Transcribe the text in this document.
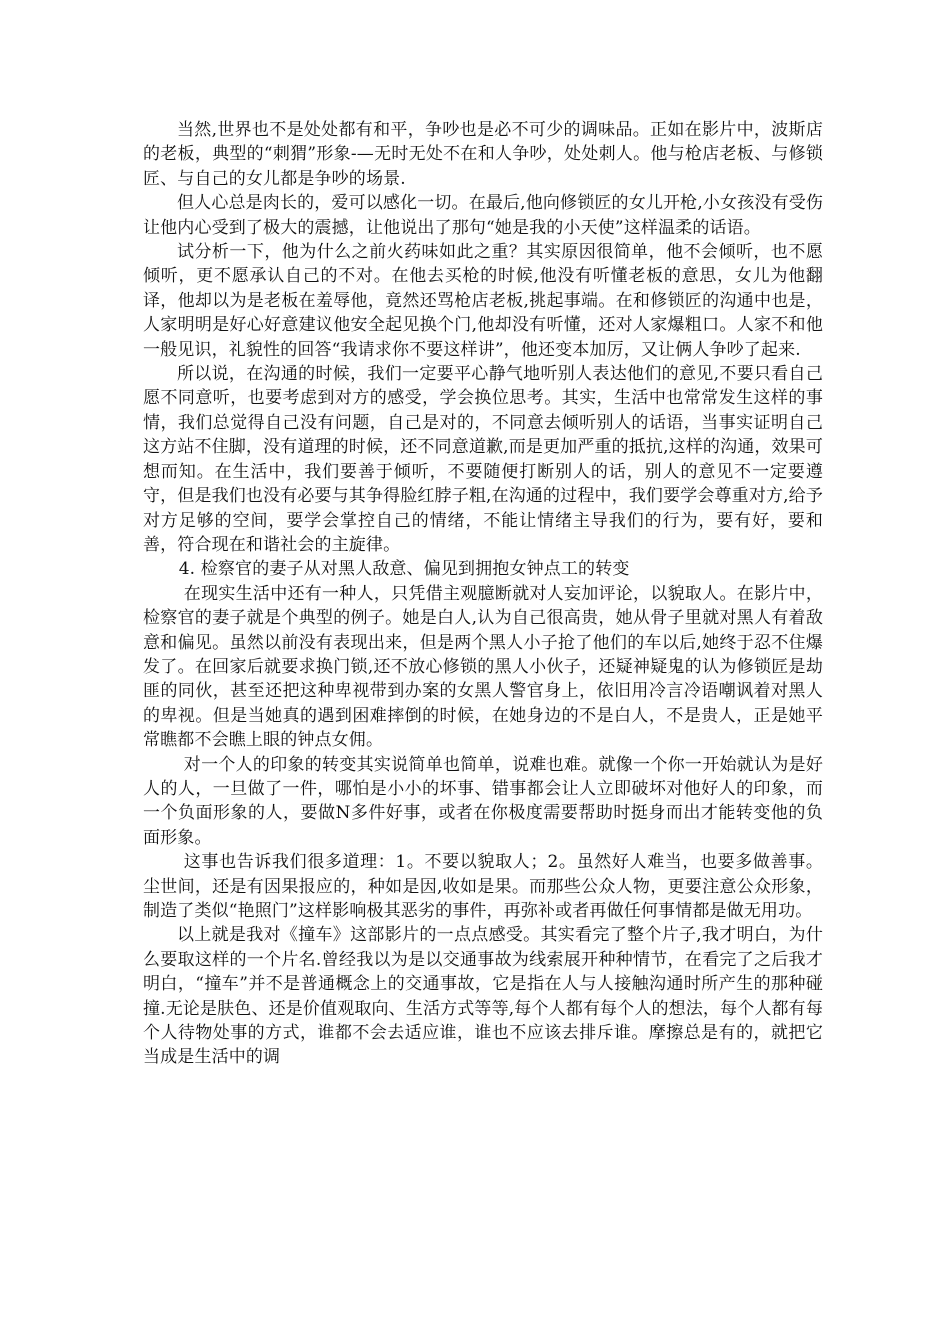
当然,世界也不是处处都有和平，争吵也是必不可少的调味品。正如在影片中，波斯店的老板，典型的“刺猬”形象-—无时无处不在和人争吵，处处刺人。他与枪店老板、与修锁匠、与自己的女儿都是争吵的场景.

但人心总是肉长的，爱可以感化一切。在最后,他向修锁匠的女儿开枪,小女孩没有受伤让他内心受到了极大的震撼，让他说出了那句“她是我的小天使”这样温柔的话语。

试分析一下，他为什么之前火药味如此之重？其实原因很简单，他不会倾听，也不愿倾听，更不愿承认自己的不对。在他去买枪的时候,他没有听懂老板的意思，女儿为他翻译，他却以为是老板在羞辱他，竟然还骂枪店老板,挑起事端。在和修锁匠的沟通中也是，人家明明是好心好意建议他安全起见换个门,他却没有听懂，还对人家爆粗口。人家不和他一般见识，礼貌性的回答“我请求你不要这样讲”，他还变本加厉，又让俩人争吵了起来.

所以说，在沟通的时候，我们一定要平心静气地听别人表达他们的意见,不要只看自己愿不同意听，也要考虑到对方的感受，学会换位思考。其实，生活中也常常发生这样的事情，我们总觉得自己没有问题，自己是对的，不同意去倾听别人的话语，当事实证明自己这方站不住脚，没有道理的时候，还不同意道歉,而是更加严重的抵抗,这样的沟通，效果可想而知。在生活中，我们要善于倾听，不要随便打断别人的话，别人的意见不一定要遵守，但是我们也没有必要与其争得脸红脖子粗,在沟通的过程中，我们要学会尊重对方,给予对方足够的空间，要学会掌控自己的情绪，不能让情绪主导我们的行为，要有好，要和善，符合现在和谐社会的主旋律。

4. 检察官的妻子从对黑人敌意、偏见到拥抱女钟点工的转变

在现实生活中还有一种人，只凭借主观臆断就对人妄加评论，以貌取人。在影片中，检察官的妻子就是个典型的例子。她是白人,认为自己很高贵，她从骨子里就对黑人有着敌意和偏见。虽然以前没有表现出来，但是两个黑人小子抢了他们的车以后,她终于忍不住爆发了。在回家后就要求换门锁,还不放心修锁的黑人小伙子，还疑神疑鬼的认为修锁匠是劫匪的同伙，甚至还把这种卑视带到办案的女黑人警官身上，依旧用冷言冷语嘲讽着对黑人的卑视。但是当她真的遇到困难摔倒的时候，在她身边的不是白人，不是贵人，正是她平常瞧都不会瞧上眼的钟点女佣。

对一个人的印象的转变其实说简单也简单，说难也难。就像一个你一开始就认为是好人的人，一旦做了一件，哪怕是小小的坏事、错事都会让人立即破坏对他好人的印象，而一个负面形象的人，要做N多件好事，或者在你极度需要帮助时挺身而出才能转变他的负面形象。

这事也告诉我们很多道理：1。不要以貌取人；2。虽然好人难当，也要多做善事。尘世间，还是有因果报应的，种如是因,收如是果。而那些公众人物，更要注意公众形象，制造了类似“艳照门”这样影响极其恶劣的事件，再弥补或者再做任何事情都是做无用功。

以上就是我对《撞车》这部影片的一点点感受。其实看完了整个片子,我才明白，为什么要取这样的一个片名.曾经我以为是以交通事故为线索展开种种情节，在看完了之后我才明白，“撞车”并不是普通概念上的交通事故，它是指在人与人接触沟通时所产生的那种碰撞.无论是肤色、还是价值观取向、生活方式等等,每个人都有每个人的想法，每个人都有每个人待物处事的方式，谁都不会去适应谁，谁也不应该去排斥谁。摩擦总是有的，就把它当成是生活中的调
